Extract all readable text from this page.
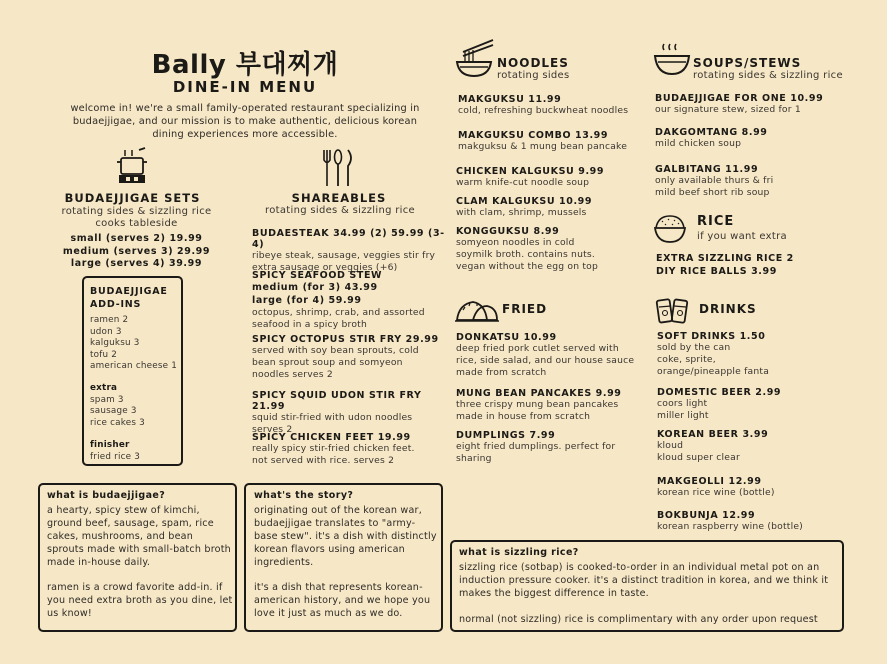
Bally 부대찌개
DINE-IN MENU
welcome in! we're a small family-operated restaurant specializing in budaejjigae, and our mission is to make authentic, delicious korean dining experiences more accessible.
BUDAEJJIGAE SETS
rotating sides & sizzling rice
cooks tableside
small (serves 2) 19.99
medium (serves 3) 29.99
large (serves 4) 39.99
BUDAEJJIGAE ADD-INS
ramen 2
udon 3
kalguksu 3
tofu 2
american cheese 1
extra
spam 3
sausage 3
rice cakes 3
finisher
fried rice 3
SHAREABLES
rotating sides & sizzling rice
BUDAESTEAK 34.99 (2) 59.99 (3-4)
ribeye steak, sausage, veggies stir fry
extra sausage or veggies (+6)
SPICY SEAFOOD STEW
medium (for 3) 43.99
large (for 4) 59.99
octopus, shrimp, crab, and assorted
seafood in a spicy broth
SPICY OCTOPUS STIR FRY 29.99
served with soy bean sprouts, cold
bean sprout soup and somyeon
noodles serves 2
SPICY SQUID UDON STIR FRY 21.99
squid stir-fried with udon noodles
serves 2
SPICY CHICKEN FEET 19.99
really spicy stir-fried chicken feet.
not served with rice. serves 2
NOODLES
rotating sides
MAKGUKSU 11.99
cold, refreshing buckwheat noodles
MAKGUKSU COMBO 13.99
makguksu & 1 mung bean pancake
CHICKEN KALGUKSU 9.99
warm knife-cut noodle soup
CLAM KALGUKSU 10.99
with clam, shrimp, mussels
KONGGUKSU 8.99
somyeon noodles in cold
soymilk broth. contains nuts.
vegan without the egg on top
FRIED
DONKATSU 10.99
deep fried pork cutlet served with
rice, side salad, and our house sauce
made from scratch
MUNG BEAN PANCAKES 9.99
three crispy mung bean pancakes
made in house from scratch
DUMPLINGS 7.99
eight fried dumplings. perfect for
sharing
SOUPS/STEWS
rotating sides & sizzling rice
BUDAEJJIGAE FOR ONE 10.99
our signature stew, sized for 1
DAKGOMTANG 8.99
mild chicken soup
GALBITANG 11.99
only available thurs & fri
mild beef short rib soup
RICE
if you want extra
EXTRA SIZZLING RICE 2
DIY RICE BALLS 3.99
DRINKS
SOFT DRINKS 1.50
sold by the can
coke, sprite,
orange/pineapple fanta
DOMESTIC BEER 2.99
coors light
miller light
KOREAN BEER 3.99
kloud
kloud super clear
MAKGEOLLI 12.99
korean rice wine (bottle)
BOKBUNJA 12.99
korean raspberry wine (bottle)
what is budaejjigae?
a hearty, spicy stew of kimchi,
ground beef, sausage, spam, rice
cakes, mushrooms, and bean
sprouts made with small-batch broth
made in-house daily.
ramen is a crowd favorite add-in. if
you need extra broth as you dine, let
us know!
what's the story?
originating out of the korean war,
budaejjigae translates to "army-
base stew". it's a dish with distinctly
korean flavors using american
ingredients.
it's a dish that represents korean-
american history, and we hope you
love it just as much as we do.
what is sizzling rice?
sizzling rice (sotbap) is cooked-to-order in an individual metal pot on an
induction pressure cooker. it's a distinct tradition in korea, and we think it
makes the biggest difference in taste.
normal (not sizzling) rice is complimentary with any order upon request
